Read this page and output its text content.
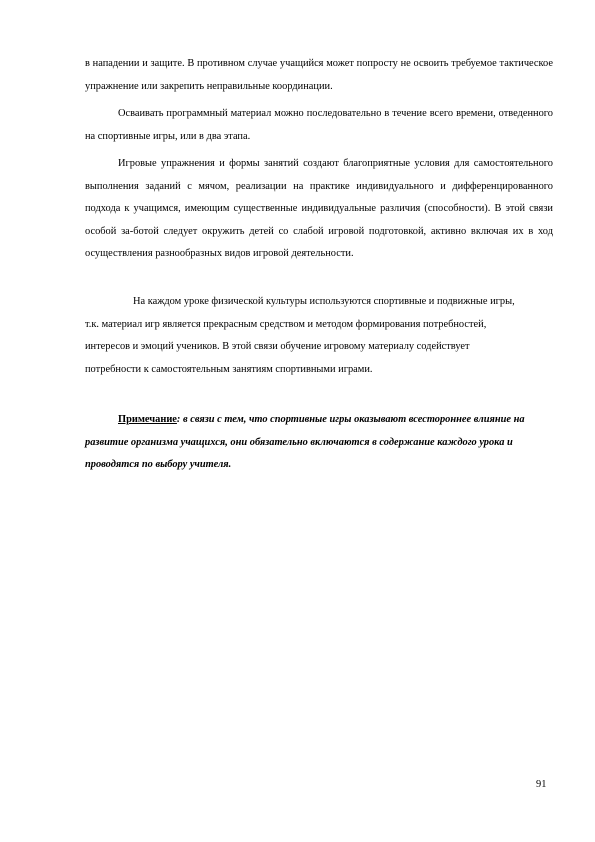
в нападении и защите. В противном случае учащийся может попросту не освоить требуемое тактическое упражнение или закрепить неправильные координации.

Осваивать программный материал можно последовательно в течение всего времени, отведенного на спортивные игры, или в два этапа.

Игровые упражнения и формы занятий создают благоприятные условия для самостоятельного выполнения заданий с мячом, реализации на практике индивидуального и дифференцированного подхода к учащимся, имеющим существенные индивидуальные различия (способности). В этой связи особой за-ботой следует окружить детей со слабой игровой подготовкой, активно включая их в ход осуществления разнообразных видов игровой деятельности.

На каждом уроке физической культуры используются спортивные и подвижные игры, т.к. материал игр является прекрасным средством и методом формирования потребностей, интересов и эмоций учеников. В этой связи обучение игровому материалу содействует потребности к самостоятельным занятиям спортивными играми.

Примечание: в связи с тем, что спортивные игры оказывают всестороннее влияние на развитие организма учащихся, они обязательно включаются в содержание каждого урока и проводятся по выбору учителя.

91
